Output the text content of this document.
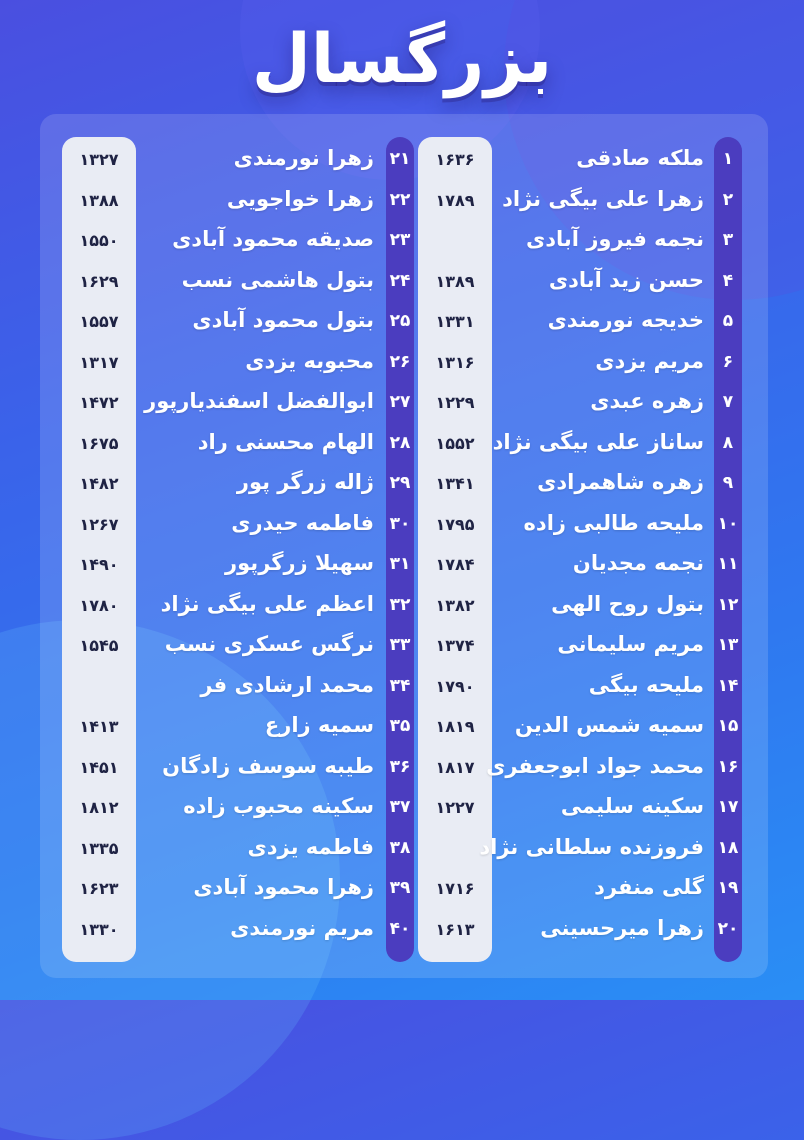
بزرگسال
۱۳۲۷	زهرا نورمندی ۲۱
۱۳۸۸	زهرا خواجویی ۲۲
۱۵۵۰	صدیقه محمود آبادی ۲۳
۱۶۲۹	بتول هاشمی نسب ۲۴
۱۵۵۷	بتول محمود آبادی ۲۵
۱۳۱۷	محبوبه یزدی ۲۶
۱۴۷۲	ابوالفضل اسفندیارپور ۲۷
۱۶۷۵	الهام محسنی راد ۲۸
۱۴۸۲	ژاله زرگر پور ۲۹
۱۲۶۷	فاطمه حیدری ۳۰
۱۴۹۰	سهیلا زرگرپور ۳۱
۱۷۸۰	اعظم علی بیگی نژاد ۳۲
۱۵۴۵	نرگس عسکری نسب ۳۳
محمد ارشادی فر ۳۴
۱۴۱۳	سمیه زارع ۳۵
۱۴۵۱	طیبه سوسف زادگان ۳۶
۱۸۱۲	سکینه محبوب زاده ۳۷
۱۳۳۵	فاطمه یزدی ۳۸
۱۶۲۳	زهرا محمود آبادی ۳۹
۱۳۳۰	مریم نورمندی ۴۰
۱۶۳۶	ملکه صادقی	۱
۱۷۸۹	زهرا علی بیگی نژاد	۲
نجمه فیروز آبادی	۳
۱۳۸۹	حسن زید آبادی	۴
۱۳۳۱	خدیجه نورمندی	۵
۱۳۱۶	مریم یزدی	۶
۱۲۲۹	زهره عبدی	۷
۱۵۵۲ ساناز علی بیگی نژاد	۸
۱۳۴۱	زهره شاهمرادی	۹
۱۷۹۵	ملیحه طالبی زاده ۱۰
۱۷۸۴	نجمه مجدیان ۱۱
۱۳۸۲	بتول روح الهی ۱۲
۱۳۷۴	مریم سلیمانی ۱۳
۱۷۹۰	ملیحه بیگی ۱۴
۱۸۱۹	سمیه شمس الدین ۱۵
۱۸۱۷ محمد جواد ابوجعفری ۱۶
۱۲۲۷	سکینه سلیمی ۱۷
فروزنده سلطانی نژاد ۱۸
۱۷۱۶	گلی منفرد ۱۹
۱۶۱۳	زهرا میرحسینی ۲۰
